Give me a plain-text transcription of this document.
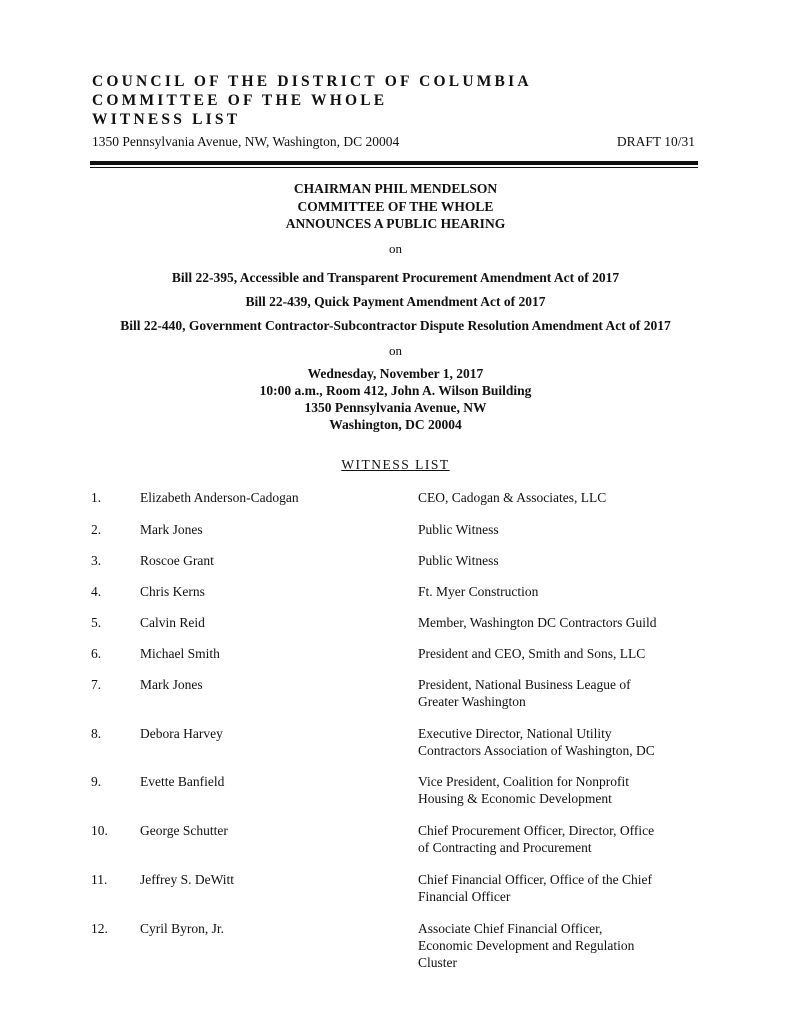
COUNCIL OF THE DISTRICT OF COLUMBIA
COMMITTEE OF THE WHOLE
WITNESS LIST
1350 Pennsylvania Avenue, NW, Washington, DC 20004	DRAFT 10/31
CHAIRMAN PHIL MENDELSON
COMMITTEE OF THE WHOLE
ANNOUNCES A PUBLIC HEARING
on
Bill 22-395, Accessible and Transparent Procurement Amendment Act of 2017
Bill 22-439, Quick Payment Amendment Act of 2017
Bill 22-440, Government Contractor-Subcontractor Dispute Resolution Amendment Act of 2017
on
Wednesday, November 1, 2017
10:00 a.m., Room 412, John A. Wilson Building
1350 Pennsylvania Avenue, NW
Washington, DC 20004
WITNESS LIST
1.	Elizabeth Anderson-Cadogan	CEO, Cadogan & Associates, LLC
2.	Mark Jones	Public Witness
3.	Roscoe Grant	Public Witness
4.	Chris Kerns	Ft. Myer Construction
5.	Calvin Reid	Member, Washington DC Contractors Guild
6.	Michael Smith	President and CEO, Smith and Sons, LLC
7.	Mark Jones	President, National Business League of
Greater Washington
8.	Debora Harvey	Executive Director, National Utility
Contractors Association of Washington, DC
9.	Evette Banfield	Vice President, Coalition for Nonprofit
Housing & Economic Development
10. George Schutter	Chief Procurement Officer, Director, Office
of Contracting and Procurement
11. Jeffrey S. DeWitt	Chief Financial Officer, Office of the Chief
Financial Officer
12. Cyril Byron, Jr.	Associate Chief Financial Officer,
Economic Development and Regulation
Cluster
